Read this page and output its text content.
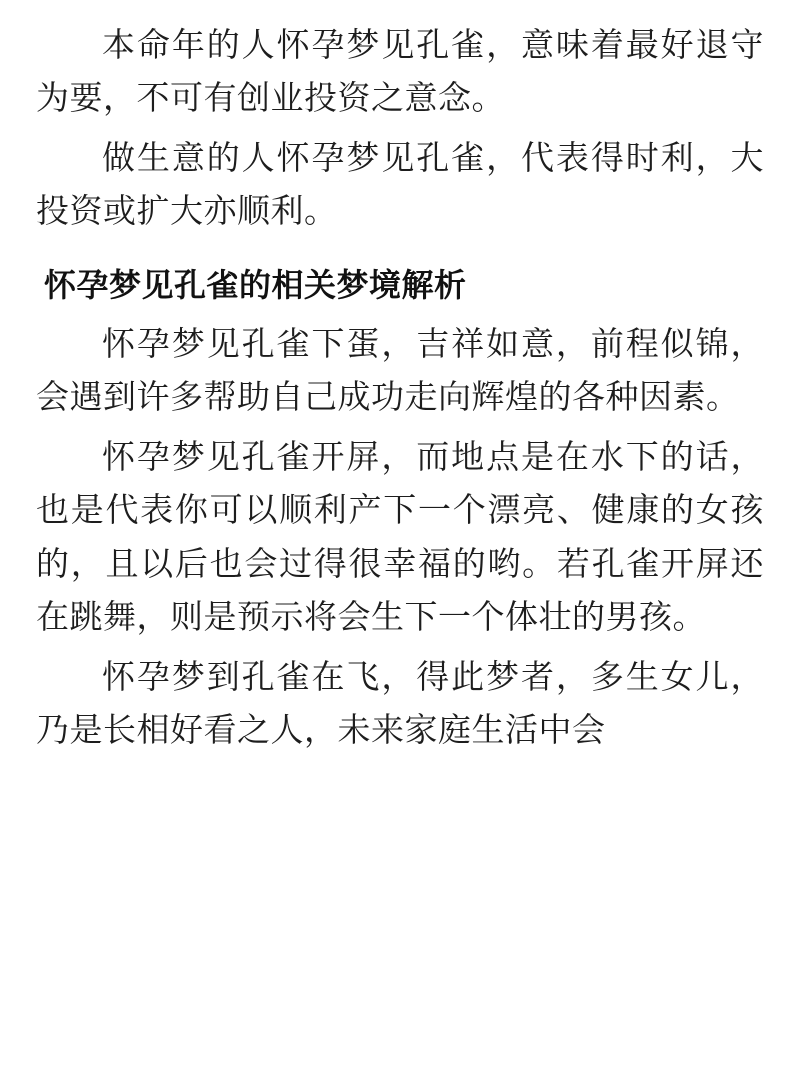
本命年的人怀孕梦见孔雀，意味着最好退守为要，不可有创业投资之意念。

做生意的人怀孕梦见孔雀，代表得时利，大投资或扩大亦顺利。

怀孕梦见孔雀的相关梦境解析

怀孕梦见孔雀下蛋，吉祥如意，前程似锦，会遇到许多帮助自己成功走向辉煌的各种因素。

怀孕梦见孔雀开屏，而地点是在水下的话，也是代表你可以顺利产下一个漂亮、健康的女孩的，且以后也会过得很幸福的哟。若孔雀开屏还在跳舞，则是预示将会生下一个体壮的男孩。

怀孕梦到孔雀在飞，得此梦者，多生女儿，乃是长相好看之人，未来家庭生活中会
